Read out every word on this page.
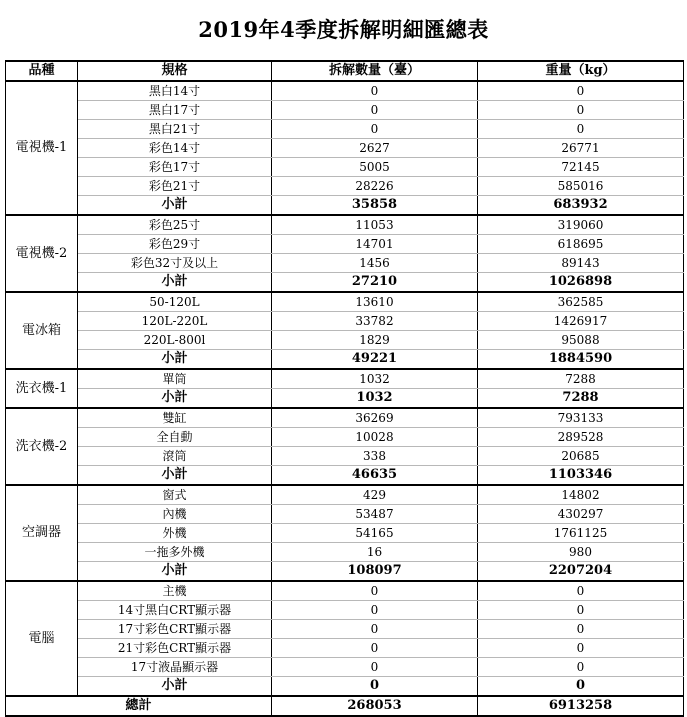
2019年4季度拆解明細匯總表
品種	規格	拆解數量（臺）	重量（kg）
電視機-1	黑白14寸	0	0
	黑白17寸	0	0
	黑白21寸	0	0
	彩色14寸	2627	26771
	彩色17寸	5005	72145
	彩色21寸	28226	585016
	小計	35858	683932
電視機-2	彩色25寸	11053	319060
	彩色29寸	14701	618695
	彩色32寸及以上	1456	89143
	小計	27210	1026898
電冰箱	50-120L	13610	362585
	120L-220L	33782	1426917
	220L-800l	1829	95088
	小計	49221	1884590
洗衣機-1	單筒	1032	7288
	小計	1032	7288
洗衣機-2	雙缸	36269	793133
	全自動	10028	289528
	滾筒	338	20685
	小計	46635	1103346
空調器	窗式	429	14802
	內機	53487	430297
	外機	54165	1761125
	一拖多外機	16	980
	小計	108097	2207204
電腦	主機	0	0
	14寸黑白CRT顯示器	0	0
	17寸彩色CRT顯示器	0	0
	21寸彩色CRT顯示器	0	0
	17寸液晶顯示器	0	0
	小計	0	0
總計		268053	6913258
